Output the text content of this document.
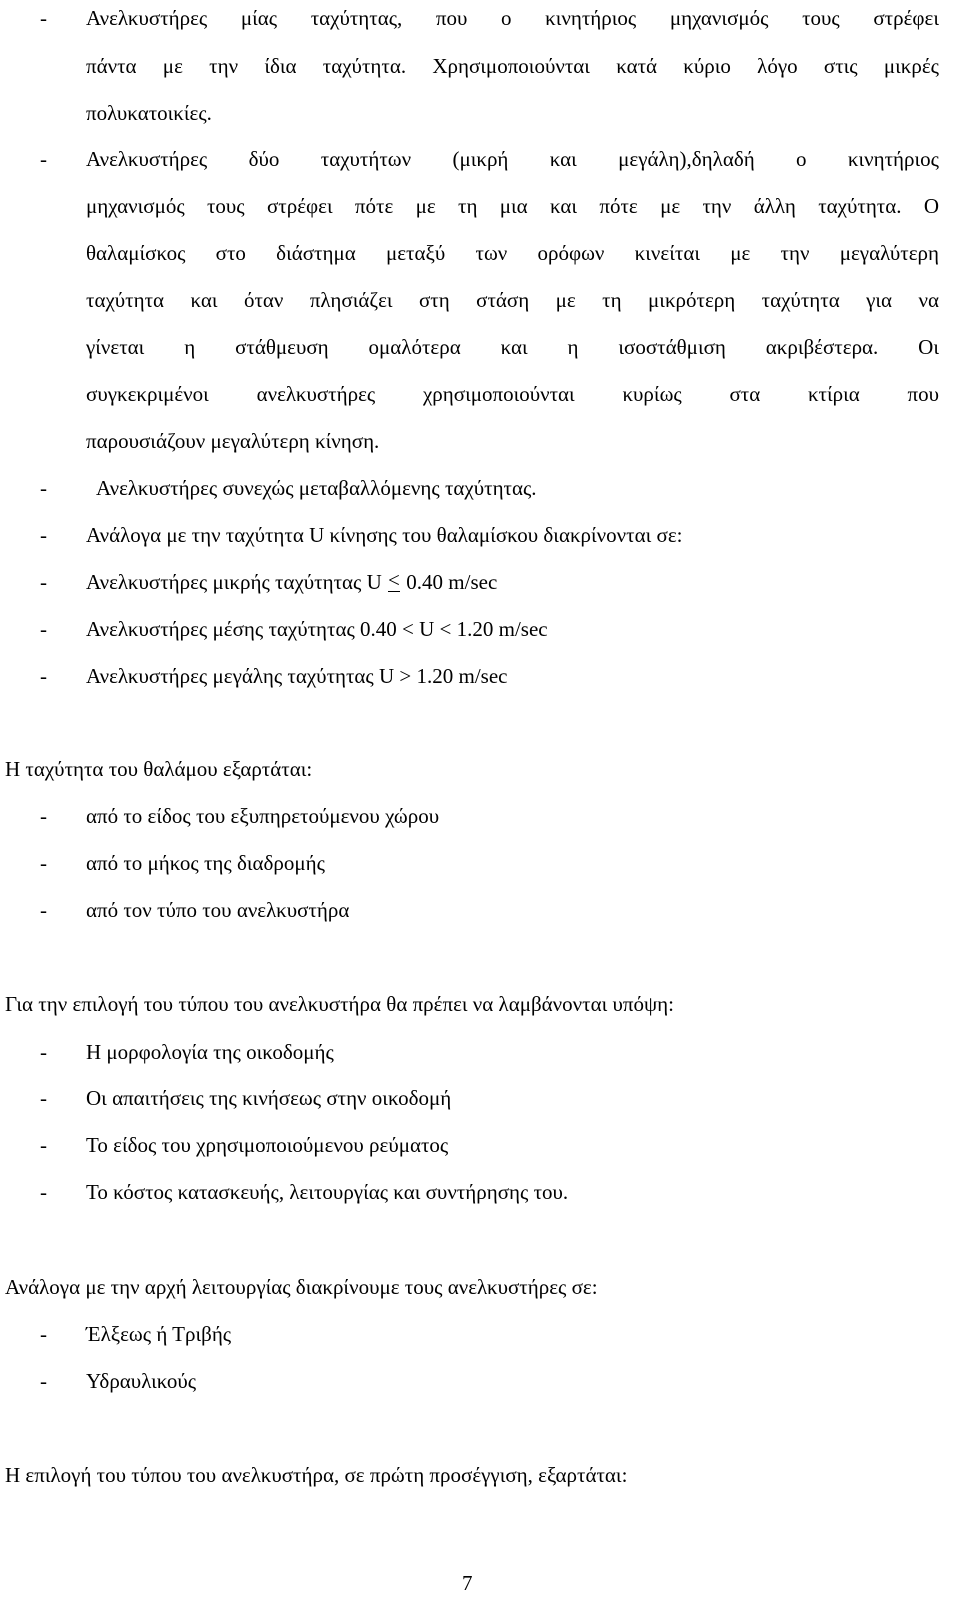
- Ανελκυστήρες μίας ταχύτητας, που ο κινητήριος μηχανισμός τους στρέφει
πάντα με την ίδια ταχύτητα. Χρησιμοποιούνται κατά κύριο λόγο στις μικρές
πολυκατοικίες.
- Ανελκυστήρες δύο ταχυτήτων (μικρή και μεγάλη),δηλαδή ο κινητήριος
μηχανισμός τους στρέφει πότε με τη μια και πότε με την άλλη ταχύτητα. Ο
θαλαμίσκος στο διάστημα μεταξύ των ορόφων κινείται με την μεγαλύτερη
ταχύτητα και όταν πλησιάζει στη στάση με τη μικρότερη ταχύτητα για να
γίνεται η στάθμευση ομαλότερα και η ισοστάθμιση ακριβέστερα. Οι
συγκεκριμένοι ανελκυστήρες χρησιμοποιούνται κυρίως στα κτίρια που
παρουσιάζουν μεγαλύτερη κίνηση.
- Ανελκυστήρες συνεχώς μεταβαλλόμενης ταχύτητας.
- Ανάλογα με την ταχύτητα U κίνησης του θαλαμίσκου διακρίνονται σε:
- Ανελκυστήρες μικρής ταχύτητας U < 0.40 m/sec
- Ανελκυστήρες μέσης ταχύτητας 0.40 < U < 1.20 m/sec
- Ανελκυστήρες μεγάλης ταχύτητας U > 1.20 m/sec
Η ταχύτητα του θαλάμου εξαρτάται:
- από το είδος του εξυπηρετούμενου χώρου
- από το μήκος της διαδρομής
- από τον τύπο του ανελκυστήρα
Για την επιλογή του τύπου του ανελκυστήρα θα πρέπει να λαμβάνονται υπόψη:
- Η μορφολογία της οικοδομής
- Οι απαιτήσεις της κινήσεως στην οικοδομή
- Το είδος του χρησιμοποιούμενου ρεύματος
- Το κόστος κατασκευής, λειτουργίας και συντήρησης του.
Ανάλογα με την αρχή λειτουργίας διακρίνουμε τους ανελκυστήρες σε:
- Έλξεως ή Τριβής
- Υδραυλικούς
Η επιλογή του τύπου του ανελκυστήρα, σε πρώτη προσέγγιση, εξαρτάται:
7
